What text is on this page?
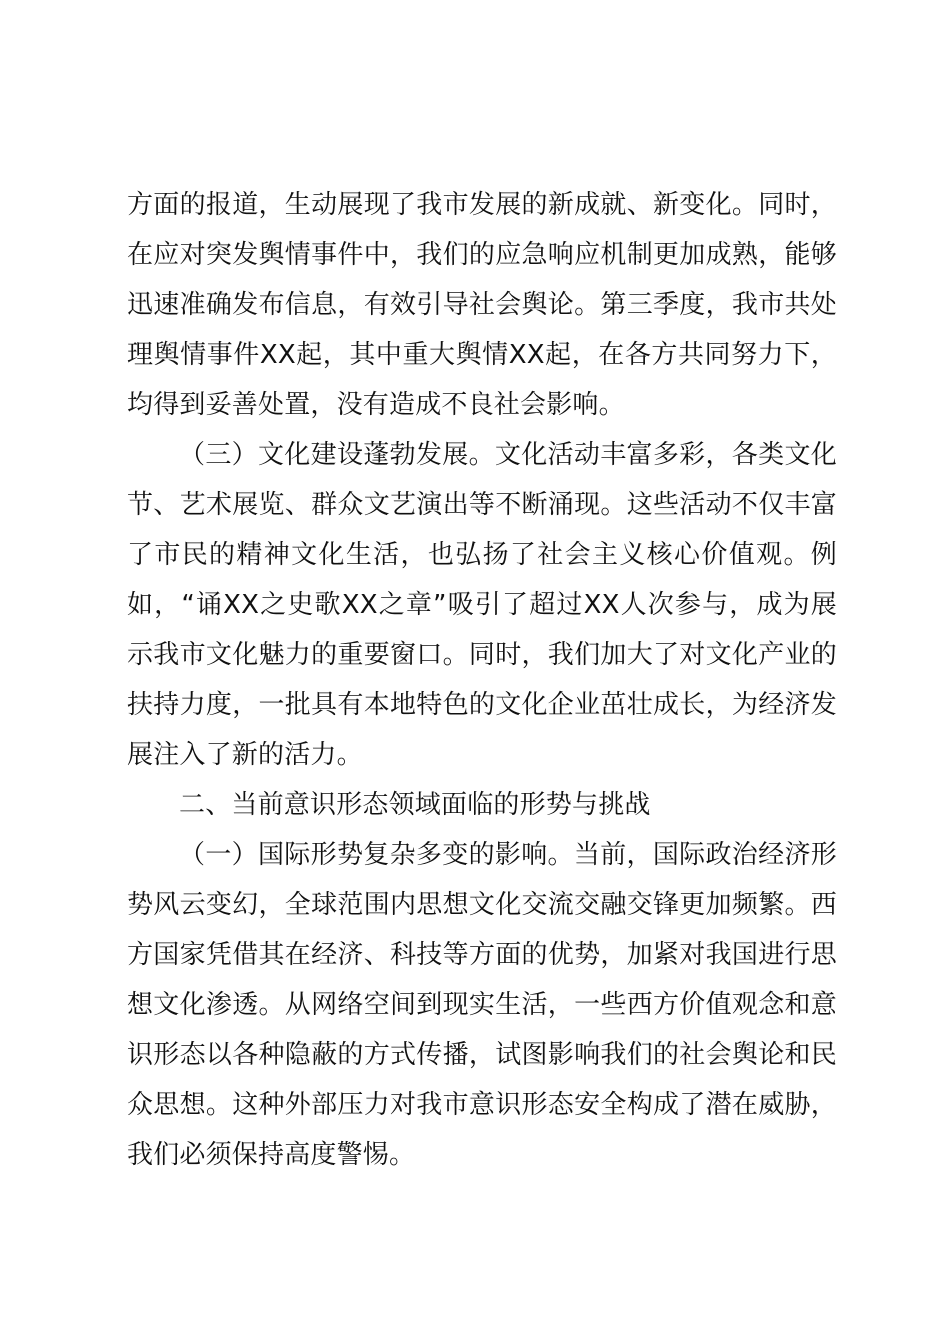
方面的报道，生动展现了我市发展的新成就、新变化。同时，在应对突发舆情事件中，我们的应急响应机制更加成熟，能够迅速准确发布信息，有效引导社会舆论。第三季度，我市共处理舆情事件XX起，其中重大舆情XX起，在各方共同努力下，均得到妥善处置，没有造成不良社会影响。

（三）文化建设蓬勃发展。文化活动丰富多彩，各类文化节、艺术展览、群众文艺演出等不断涌现。这些活动不仅丰富了市民的精神文化生活，也弘扬了社会主义核心价值观。例如，“诵XX之史歌XX之章”吸引了超过XX人次参与，成为展示我市文化魅力的重要窗口。同时，我们加大了对文化产业的扶持力度，一批具有本地特色的文化企业茁壮成长，为经济发展注入了新的活力。

二、当前意识形态领域面临的形势与挑战

（一）国际形势复杂多变的影响。当前，国际政治经济形势风云变幻，全球范围内思想文化交流交融交锋更加频繁。西方国家凭借其在经济、科技等方面的优势，加紧对我国进行思想文化渗透。从网络空间到现实生活，一些西方价值观念和意识形态以各种隐蔽的方式传播，试图影响我们的社会舆论和民众思想。这种外部压力对我市意识形态安全构成了潜在威胁，我们必须保持高度警惕。
